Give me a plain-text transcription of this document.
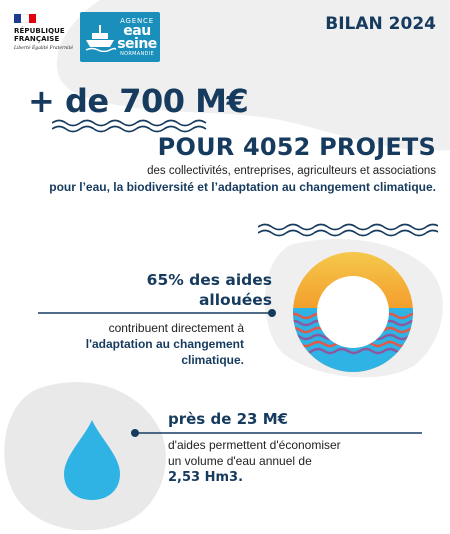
RÉPUBLIQUE FRANÇAISE
Liberté Égalité Fraternité
AGENCE
eau
seine
NORMANDIE
BILAN 2024
+ de 700 M€
POUR 4052 PROJETS
des collectivités, entreprises, agriculteurs et associations
pour l’eau, la biodiversité et l’adaptation au changement climatique.
65% des aides
allouées
contribuent directement à
l'adaptation au changement
climatique.
près de 23 M€
d'aides permettent d'économiser
un volume d'eau annuel de
2,53 Hm3.
